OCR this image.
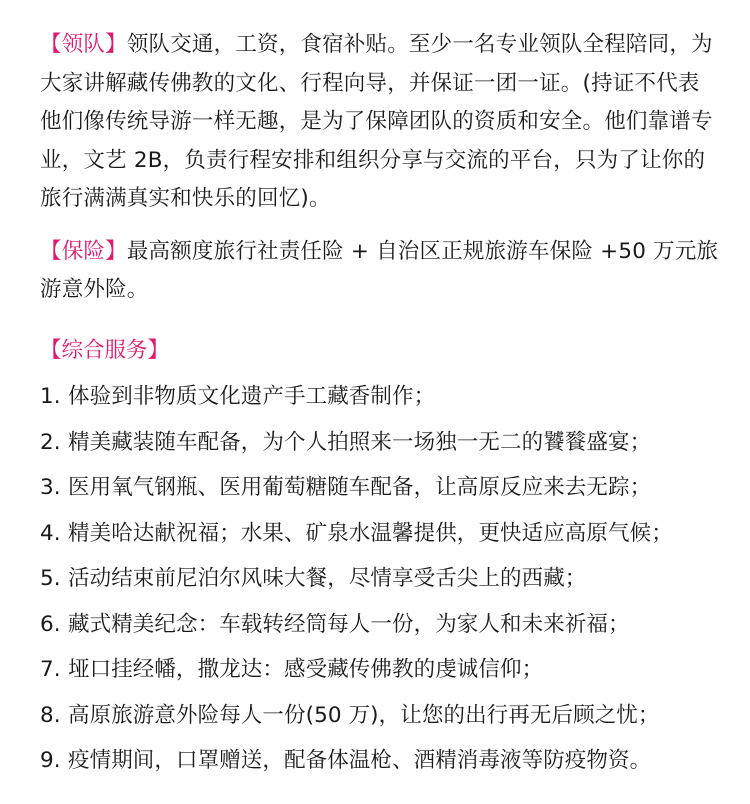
【领队】领队交通，工资，食宿补贴。至少一名专业领队全程陪同，为大家讲解藏传佛教的文化、行程向导，并保证一团一证。(持证不代表他们像传统导游一样无趣，是为了保障团队的资质和安全。他们靠谱专业，文艺 2B，负责行程安排和组织分享与交流的平台，只为了让你的旅行满满真实和快乐的回忆)。

【保险】最高额度旅行社责任险 + 自治区正规旅游车保险 +50 万元旅游意外险。

【综合服务】
1. 体验到非物质文化遗产手工藏香制作；
2. 精美藏装随车配备，为个人拍照来一场独一无二的饕餮盛宴；
3. 医用氧气钢瓶、医用葡萄糖随车配备，让高原反应来去无踪；
4. 精美哈达献祝福；水果、矿泉水温馨提供，更快适应高原气候；
5. 活动结束前尼泊尔风味大餐，尽情享受舌尖上的西藏；
6. 藏式精美纪念：车载转经筒每人一份，为家人和未来祈福；
7. 垭口挂经幡，撒龙达：感受藏传佛教的虔诚信仰；
8. 高原旅游意外险每人一份(50 万)，让您的出行再无后顾之忧；
9. 疫情期间，口罩赠送，配备体温枪、酒精消毒液等防疫物资。
